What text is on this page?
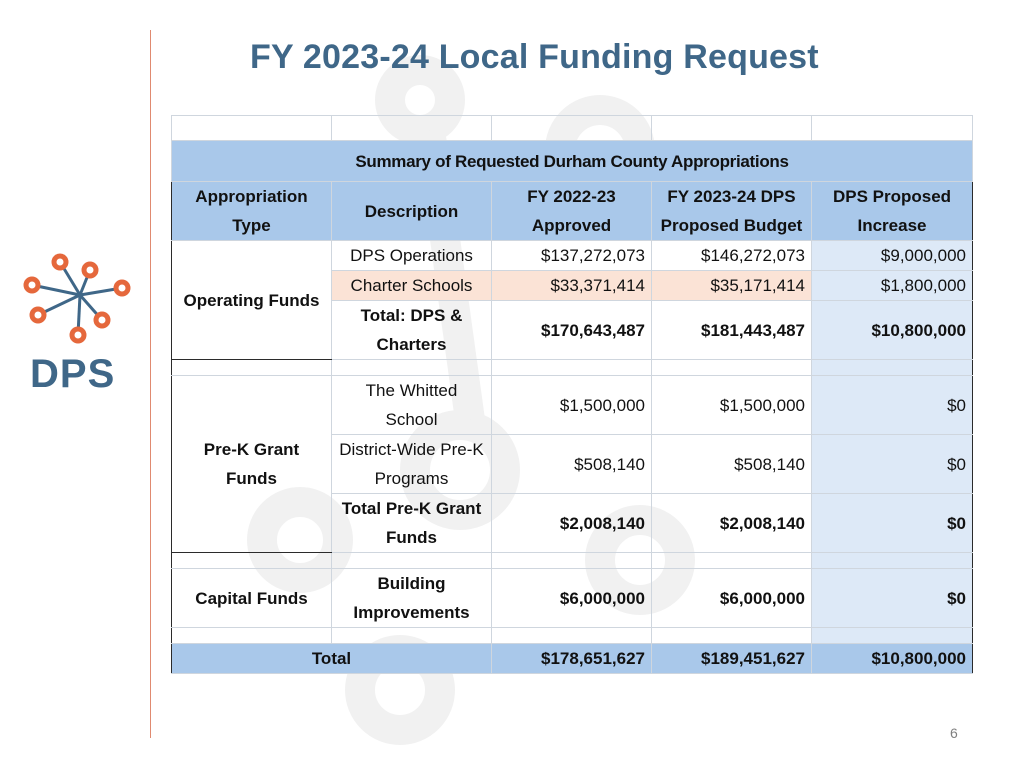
FY 2023-24 Local Funding Request
DPS

Summary of Requested Durham County Appropriations				
Appropriation Type	Description	FY 2022-23 Approved	FY 2023-24 DPS Proposed Budget	DPS Proposed Increase
Operating Funds	DPS Operations	$137,272,073	$146,272,073	$9,000,000
	Charter Schools	$33,371,414	$35,171,414	$1,800,000
	Total: DPS & Charters	$170,643,487	$181,443,487	$10,800,000

Pre-K Grant Funds	The Whitted School	$1,500,000	$1,500,000	$0
	District-Wide Pre-K Programs	$508,140	$508,140	$0
	Total Pre-K Grant Funds	$2,008,140	$2,008,140	$0

Capital Funds	Building Improvements	$6,000,000	$6,000,000	$0

Total		$178,651,627	$189,451,627	$10,800,000
6
